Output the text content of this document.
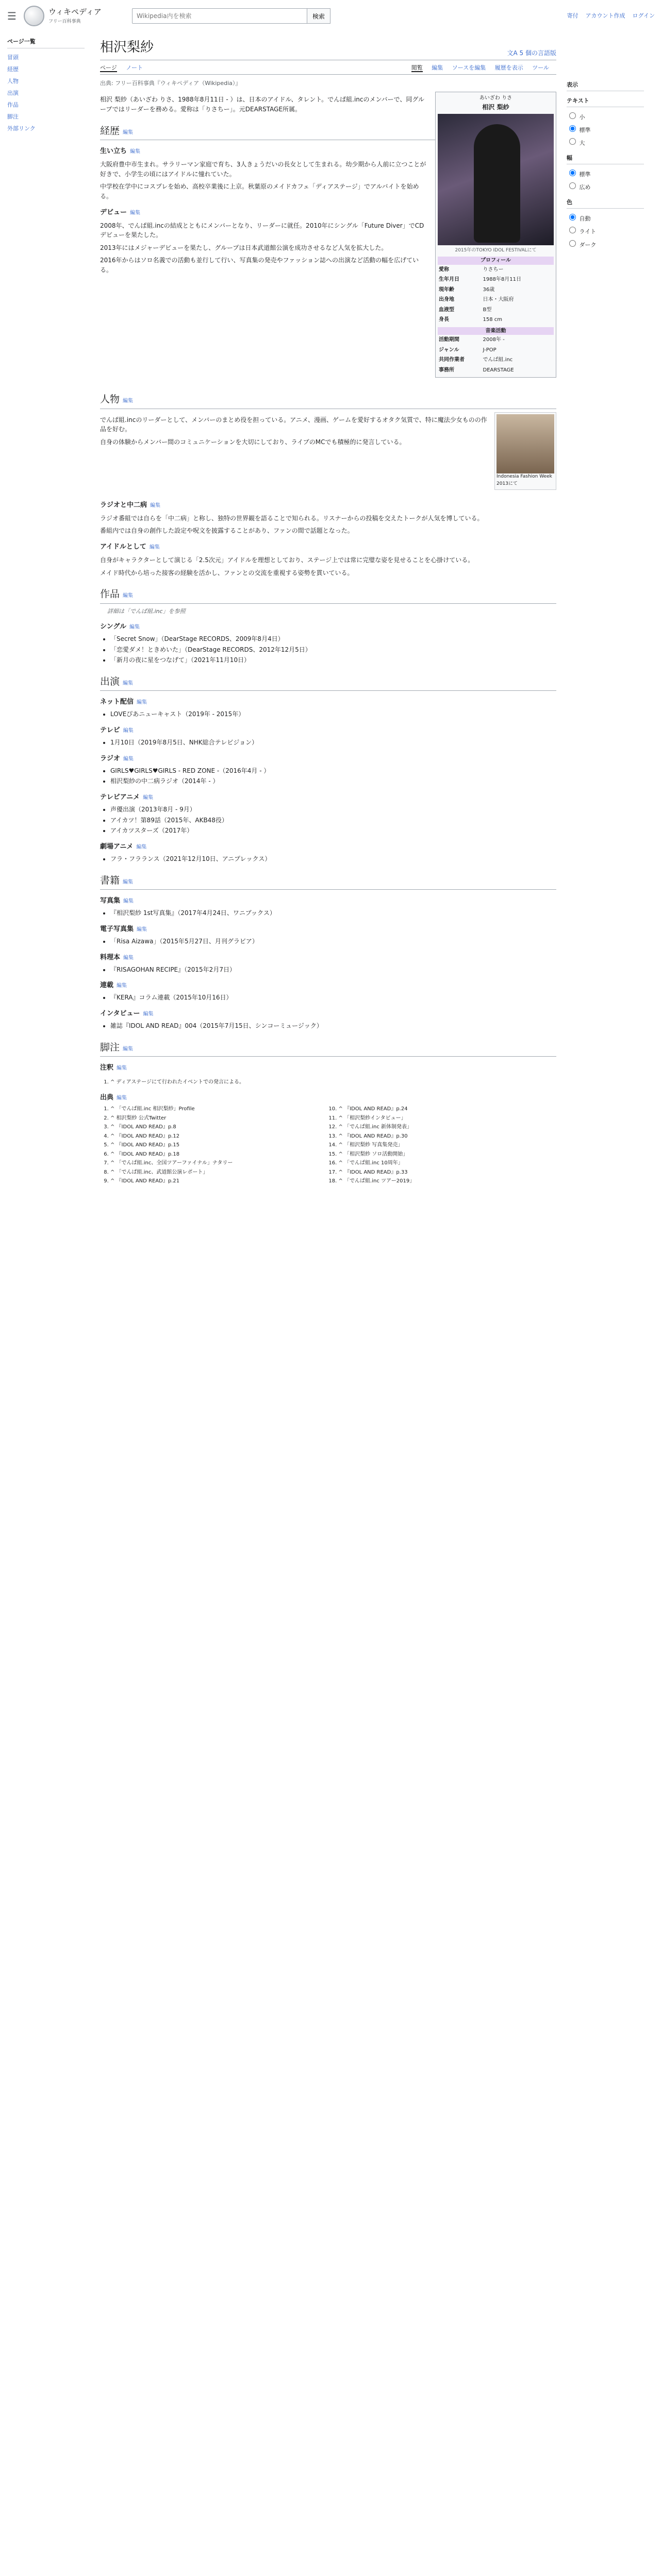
☰	ウィキペディア
フリー百科事典
Wikipedia内を検索
検索	寄付 アカウント作成 ログイン
ページ一覧
冒頭
経歴
人物
出演
作品
脚注
外部リンク
相沢梨紗	文A 5 個の言語版
ページ ノート	閲覧 編集 ソースを編集 履歴を表示 ツール
出典: フリー百科事典『ウィキペディア（Wikipedia）』
あいざわ りさ
相沢 梨紗
2015年のTOKYO IDOL FESTIVALにて
プロフィール
愛称	りさちー
生年月日	1988年8月11日
現年齢	36歳
出身地	日本・大阪府
血液型	B型
身長	158 cm
音楽活動
活動期間	2008年 -
ジャンル	J-POP
共同作業者	でんぱ組.inc
事務所	DEARSTAGE

相沢 梨紗（あいざわ りさ、1988年8月11日 - ）は、日本のアイドル、タレント。でんぱ組.incのメンバーで、同グループではリーダーを務める。愛称は「りさちー」。元DEARSTAGE所属。

経歴 編集
生い立ち 編集

大阪府豊中市生まれ。サラリーマン家庭で育ち、3人きょうだいの長女として生まれる。幼少期から人前に立つことが好きで、小学生の頃にはアイドルに憧れていた。

中学校在学中にコスプレを始め、高校卒業後に上京。秋葉原のメイドカフェ「ディアステージ」でアルバイトを始める。

デビュー 編集

2008年、でんぱ組.incの結成とともにメンバーとなり、リーダーに就任。2010年にシングル「Future Diver」でCDデビューを果たした。

2013年にはメジャーデビューを果たし、グループは日本武道館公演を成功させるなど人気を拡大した。

2016年からはソロ名義での活動も並行して行い、写真集の発売やファッション誌への出演など活動の幅を広げている。

人物 編集
Indonesia Fashion Week 2013にて

でんぱ組.incのリーダーとして、メンバーのまとめ役を担っている。アニメ、漫画、ゲームを愛好するオタク気質で、特に魔法少女ものの作品を好む。

自身の体験からメンバー間のコミュニケーションを大切にしており、ライブのMCでも積極的に発言している。

ラジオと中二病 編集

ラジオ番組では自らを「中二病」と称し、独特の世界観を語ることで知られる。リスナーからの投稿を交えたトークが人気を博している。

番組内では自身の創作した設定や呪文を披露することがあり、ファンの間で話題となった。

アイドルとして 編集

自身がキャラクターとして演じる「2.5次元」アイドルを理想としており、ステージ上では常に完璧な姿を見せることを心掛けている。

メイド時代から培った接客の経験を活かし、ファンとの交流を重視する姿勢を貫いている。

作品 編集
詳細は「でんぱ組.inc」を参照
シングル 編集
• 「Secret Snow」（DearStage RECORDS、2009年8月4日）
• 「恋愛ダメ！ときめいた」（DearStage RECORDS、2012年12月5日）
• 「新月の夜に星をつなげて」（2021年11月10日）
出演 編集
ネット配信 編集
• LOVEぴあニューキャスト（2019年 - 2015年）
テレビ 編集
• 1月10日（2019年8月5日、NHK総合テレビジョン）
ラジオ 編集
• GIRLS♥GIRLS♥GIRLS - RED ZONE -（2016年4月 - ）
• 相沢梨紗の中二病ラジオ（2014年 - ）
テレビアニメ 編集
• 声優出演（2013年8月 - 9月）
• アイカツ！第89話（2015年、AKB48役）
• アイカツスターズ（2017年）
劇場アニメ 編集
• フラ・フラランス（2021年12月10日、アニプレックス）
書籍 編集
写真集 編集
• 『相沢梨紗 1st写真集』（2017年4月24日、ワニブックス）
電子写真集 編集
• 「Risa Aizawa」（2015年5月27日、月刊グラビア）
料理本 編集
• 『RISAGOHAN RECIPE』（2015年2月7日）
連載 編集
• 『KERA』コラム連載（2015年10月16日）
インタビュー 編集
• 雑誌『IDOL AND READ』004（2015年7月15日、シンコーミュージック）
脚注 編集
注釈 編集
1. ^ ディアステージにて行われたイベントでの発言による。
出典 編集
1. ^ 「でんぱ組.inc 相沢梨紗」Profile
2. ^ 相沢梨紗 公式Twitter
3. ^ 『IDOL AND READ』p.8
4. ^ 『IDOL AND READ』p.12
5. ^ 『IDOL AND READ』p.15
6. ^ 『IDOL AND READ』p.18
7. ^ 「でんぱ組.inc、全国ツアーファイナル」ナタリー
8. ^ 「でんぱ組.inc、武道館公演レポート」
9. ^ 『IDOL AND READ』p.21
10. ^ 『IDOL AND READ』p.24
11. ^ 「相沢梨紗インタビュー」
12. ^ 「でんぱ組.inc 新体制発表」
13. ^ 『IDOL AND READ』p.30
14. ^ 「相沢梨紗 写真集発売」
15. ^ 「相沢梨紗 ソロ活動開始」
16. ^ 「でんぱ組.inc 10周年」
17. ^ 『IDOL AND READ』p.33
18. ^ 「でんぱ組.inc ツアー2019」
表示
テキスト
小
標準
大
幅
標準
広め
色
自動
ライト
ダーク
